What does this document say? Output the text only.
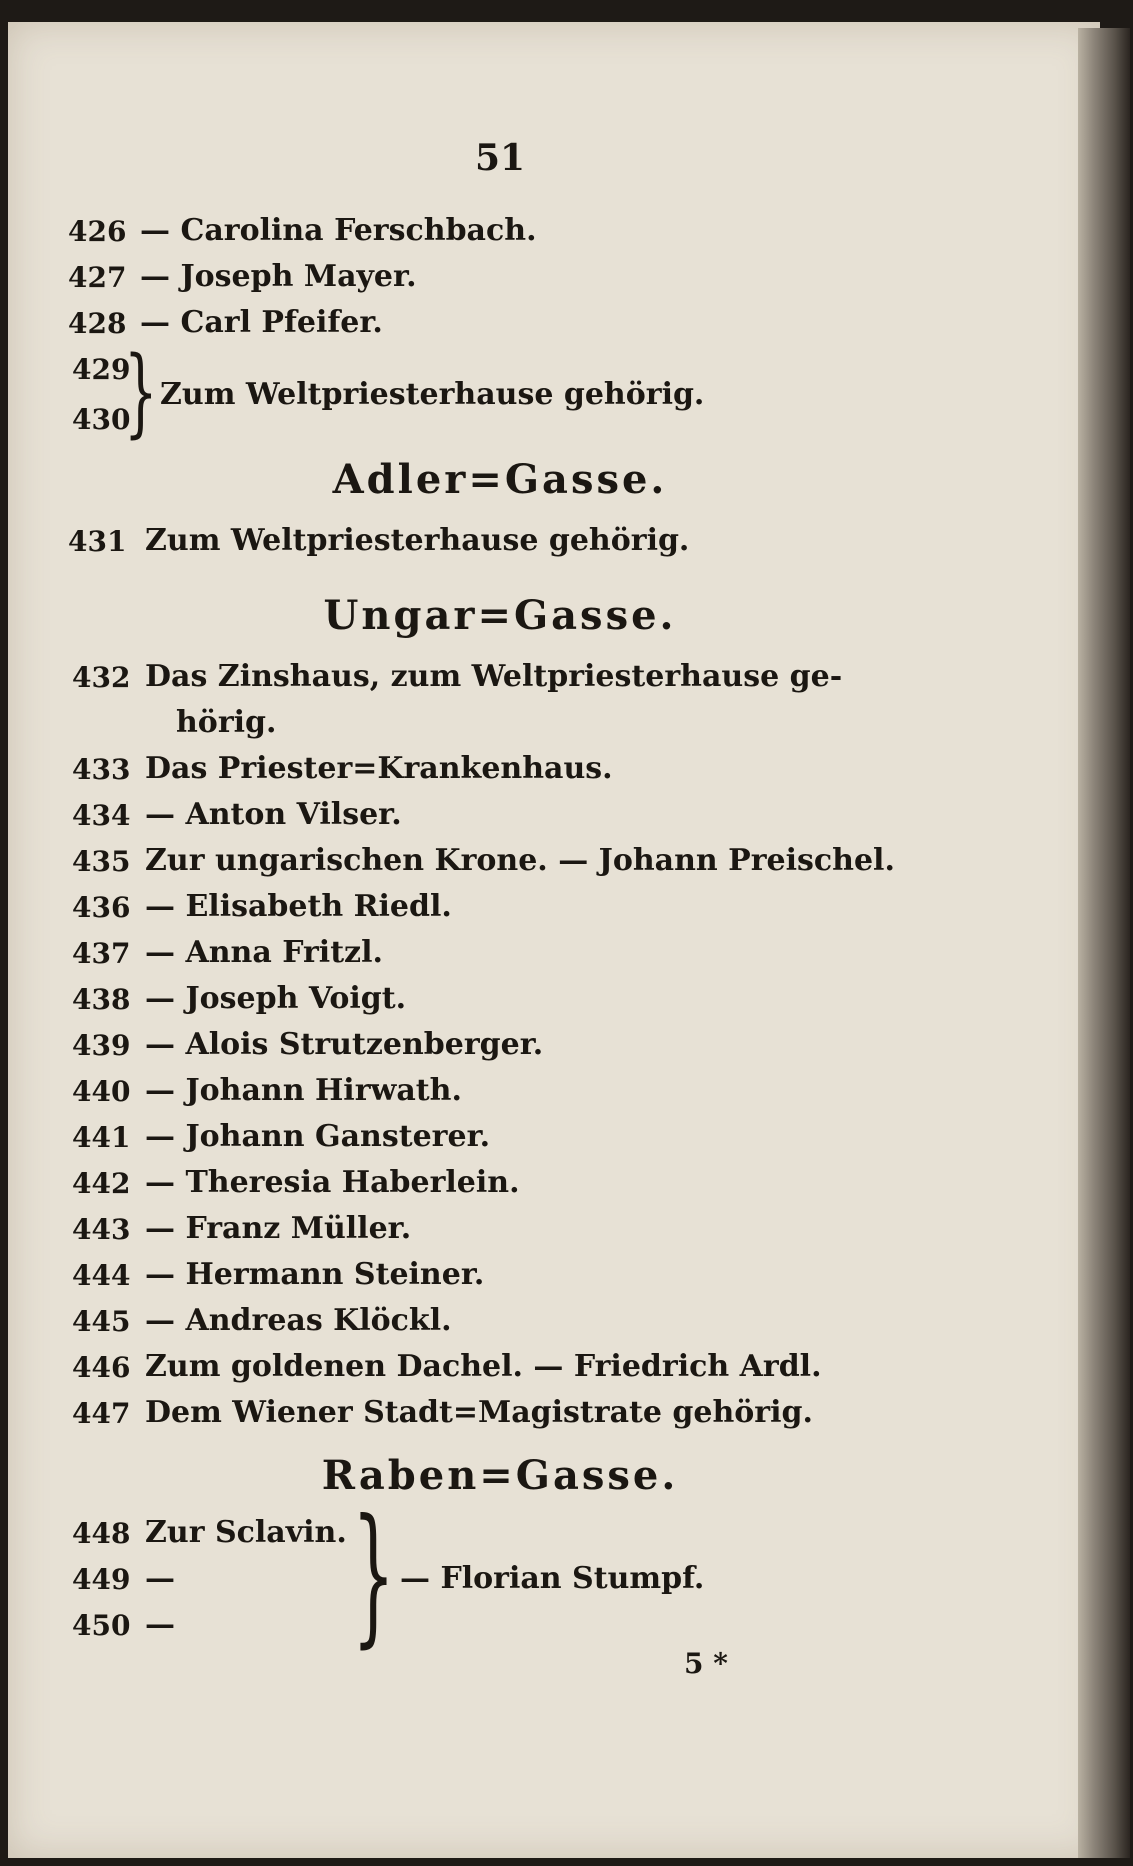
51
426 — Carolina Ferschbach.
427 — Joseph Mayer.
428 — Carl Pfeifer.
429
430
} Zum Weltpriesterhause gehörig.
Adler=Gasse.
431 Zum Weltpriesterhause gehörig.
Ungar=Gasse.
432 Das Zinshaus, zum Weltpriesterhause ge-
hörig.
433 Das Priester=Krankenhaus.
434 — Anton Vilser.
435 Zur ungarischen Krone. — Johann Preischel.
436 — Elisabeth Riedl.
437 — Anna Fritzl.
438 — Joseph Voigt.
439 — Alois Strutzenberger.
440 — Johann Hirwath.
441 — Johann Gansterer.
442 — Theresia Haberlein.
443 — Franz Müller.
444 — Hermann Steiner.
445 — Andreas Klöckl.
446 Zum goldenen Dachel. — Friedrich Ardl.
447 Dem Wiener Stadt=Magistrate gehörig.
Raben=Gasse.
448 Zur Sclavin.
449 —
450 — } — Florian Stumpf.
5 *
